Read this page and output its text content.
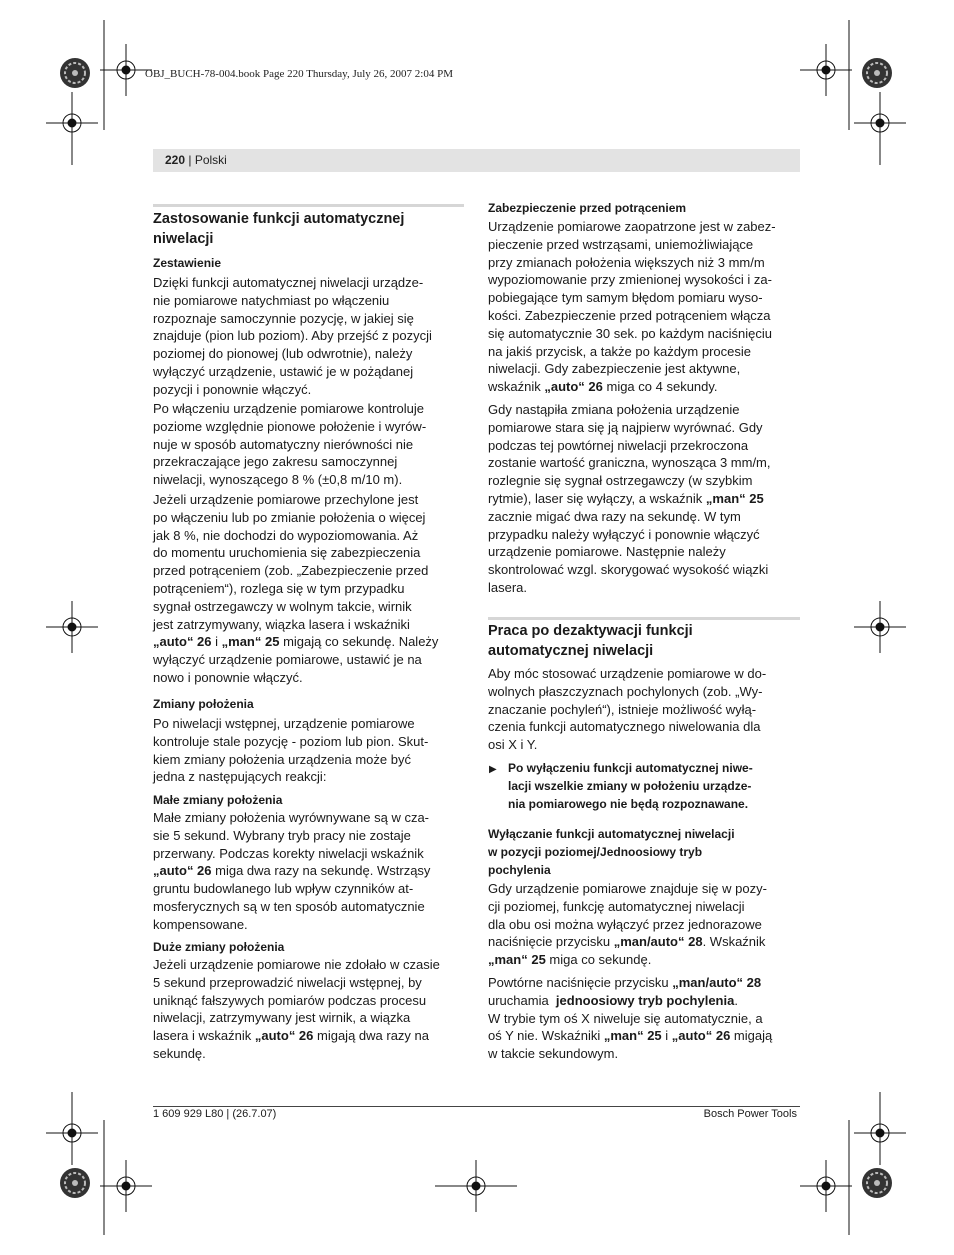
OBJ_BUCH-78-004.book Page 220 Thursday, July 26, 2007 2:04 PM
220 | Polski
Zastosowanie funkcji automatycznej
niwelacji
Zestawienie
Dzięki funkcji automatycznej niwelacji urządze-
nie pomiarowe natychmiast po włączeniu
rozpoznaje samoczynnie pozycję, w jakiej się
znajduje (pion lub poziom). Aby przejść z pozycji
poziomej do pionowej (lub odwrotnie), należy
wyłączyć urządzenie, ustawić je w pożądanej
pozycji i ponownie włączyć.
Po włączeniu urządzenie pomiarowe kontroluje
poziome względnie pionowe położenie i wyrów-
nuje w sposób automatyczny nierówności nie
przekraczające jego zakresu samoczynnej
niwelacji, wynoszącego 8 % (±0,8 m/10 m).
Jeżeli urządzenie pomiarowe przechylone jest
po włączeniu lub po zmianie położenia o więcej
jak 8 %, nie dochodzi do wypoziomowania. Aż
do momentu uruchomienia się zabezpieczenia
przed potrąceniem (zob. „Zabezpieczenie przed
potrąceniem“), rozlega się w tym przypadku
sygnał ostrzegawczy w wolnym takcie, wirnik
jest zatrzymywany, wiązka lasera i wskaźniki
„auto“ 26 i „man“ 25 migają co sekundę. Należy
wyłączyć urządzenie pomiarowe, ustawić je na
nowo i ponownie włączyć.
Zmiany położenia
Po niwelacji wstępnej, urządzenie pomiarowe
kontroluje stale pozycję - poziom lub pion. Skut-
kiem zmiany położenia urządzenia może być
jedna z następujących reakcji:
Małe zmiany położenia
Małe zmiany położenia wyrównywane są w cza-
sie 5 sekund. Wybrany tryb pracy nie zostaje
przerwany. Podczas korekty niwelacji wskaźnik
„auto“ 26 miga dwa razy na sekundę. Wstrząsy
gruntu budowlanego lub wpływ czynników at-
mosferycznych są w ten sposób automatycznie
kompensowane.
Duże zmiany położenia
Jeżeli urządzenie pomiarowe nie zdołało w czasie
5 sekund przeprowadzić niwelacji wstępnej, by
uniknąć fałszywych pomiarów podczas procesu
niwelacji, zatrzymywany jest wirnik, a wiązka
lasera i wskaźnik „auto“ 26 migają dwa razy na
sekundę.
Zabezpieczenie przed potrąceniem
Urządzenie pomiarowe zaopatrzone jest w zabez-
pieczenie przed wstrząsami, uniemożliwiające
przy zmianach położenia większych niż 3 mm/m
wypoziomowanie przy zmienionej wysokości i za-
pobiegające tym samym błędom pomiaru wyso-
kości. Zabezpieczenie przed potrąceniem włącza
się automatycznie 30 sek. po każdym naciśnięciu
na jakiś przycisk, a także po każdym procesie
niwelacji. Gdy zabezpieczenie jest aktywne,
wskaźnik „auto“ 26 miga co 4 sekundy.
Gdy nastąpiła zmiana położenia urządzenie
pomiarowe stara się ją najpierw wyrównać. Gdy
podczas tej powtórnej niwelacji przekroczona
zostanie wartość graniczna, wynosząca 3 mm/m,
rozlegnie się sygnał ostrzegawczy (w szybkim
rytmie), laser się wyłączy, a wskaźnik „man“ 25
zacznie migać dwa razy na sekundę. W tym
przypadku należy wyłączyć i ponownie włączyć
urządzenie pomiarowe. Następnie należy
skontrolować wzgl. skorygować wysokość wiązki
lasera.
Praca po dezaktywacji funkcji
automatycznej niwelacji
Aby móc stosować urządzenie pomiarowe w do-
wolnych płaszczyznach pochylonych (zob. „Wy-
znaczanie pochyleń“), istnieje możliwość wyłą-
czenia funkcji automatycznego niwelowania dla
osi X i Y.
▶ Po wyłączeniu funkcji automatycznej niwe-
lacji wszelkie zmiany w położeniu urządze-
nia pomiarowego nie będą rozpoznawane.
Wyłączanie funkcji automatycznej niwelacji
w pozycji poziomej/Jednoosiowy tryb
pochylenia
Gdy urządzenie pomiarowe znajduje się w pozy-
cji poziomej, funkcję automatycznej niwelacji
dla obu osi można wyłączyć przez jednorazowe
naciśnięcie przycisku „man/auto“ 28. Wskaźnik
„man“ 25 miga co sekundę.
Powtórne naciśnięcie przycisku „man/auto“ 28
uruchamia  jednoosiowy tryb pochylenia.
W trybie tym oś X niweluje się automatycznie, a
oś Y nie. Wskaźniki „man“ 25 i „auto“ 26 migają
w takcie sekundowym.
1 609 929 L80 | (26.7.07)	Bosch Power Tools
